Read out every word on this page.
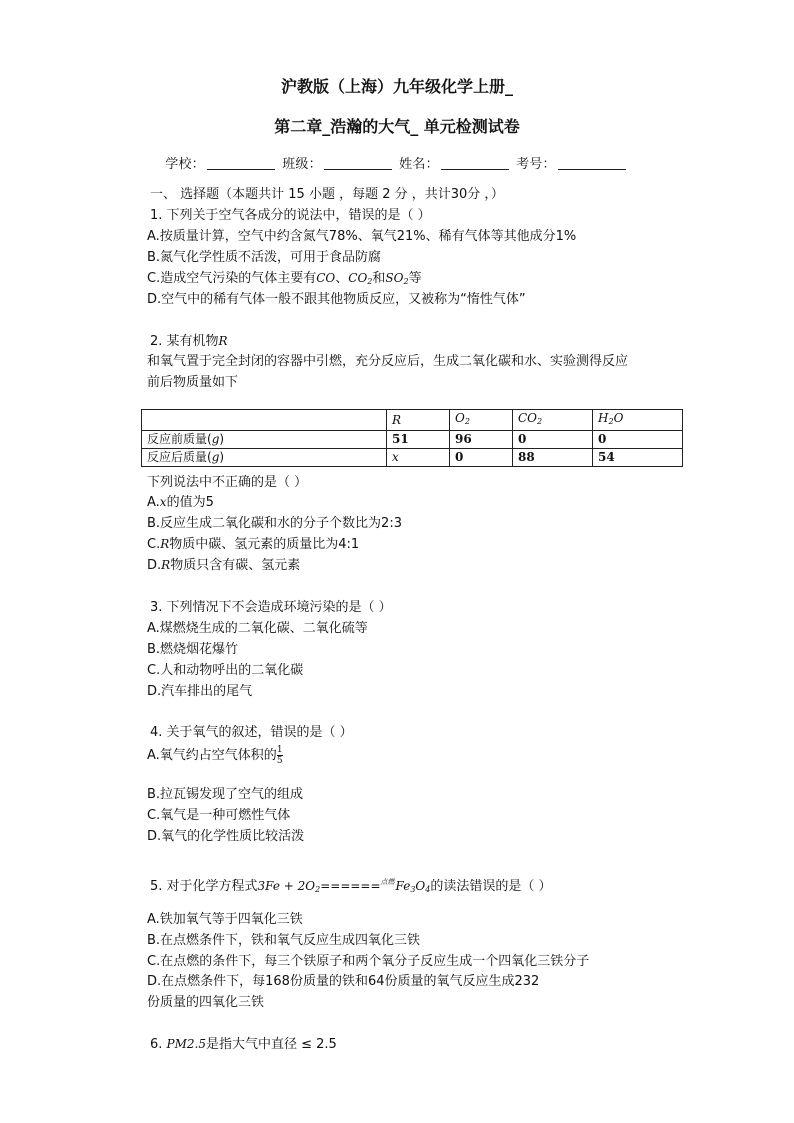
沪教版（上海）九年级化学上册_
第二章_浩瀚的大气_ 单元检测试卷
学校：	班级：	姓名：	考号：
一、 选择题（本题共计 15 小题 ，每题 2 分 ，共计30分 ，）
1. 下列关于空气各成分的说法中，错误的是（ ）
A.按质量计算，空气中约含氮气78%、氧气21%、稀有气体等其他成分1%
B.氮气化学性质不活泼，可用于食品防腐
C.造成空气污染的气体主要有CO、$CO_2$和$SO_2$等
D.空气中的稀有气体一般不跟其他物质反应，又被称为“惰性气体”
2. 某有机物R
和氧气置于完全封闭的容器中引燃，充分反应后，生成二氧化碳和水、实验测得反应
前后物质量如下
	R	$O_2$	$CO_2$	$H_2O$
反应前质量(g)	51	96	0	0
反应后质量(g)	x	0	88	54
下列说法中不正确的是（ ）
A.x的值为5
B.反应生成二氧化碳和水的分子个数比为2:3
C.R物质中碳、氢元素的质量比为4:1
D.R物质只含有碳、氢元素
3. 下列情况下不会造成环境污染的是（ ）
A.煤燃烧生成的二氧化碳、二氧化硫等
B.燃烧烟花爆竹
C.人和动物呼出的二氧化碳
D.汽车排出的尾气
4. 关于氧气的叙述，错误的是（ ）
A.氧气约占空气体积的 $\frac{1}{5}$
B.拉瓦锡发现了空气的组成
C.氧气是一种可燃性气体
D.氧气的化学性质比较活泼
5. 对于化学方程式$3Fe + 2O_2======^{点燃}Fe_3O_4$的读法错误的是（ ）
A.铁加氧气等于四氧化三铁
B.在点燃条件下，铁和氧气反应生成四氧化三铁
C.在点燃的条件下，每三个铁原子和两个氧分子反应生成一个四氧化三铁分子
D.在点燃条件下，每168份质量的铁和64份质量的氧气反应生成232
份质量的四氧化三铁
6. PM2.5是指大气中直径 ≤ 2.5
